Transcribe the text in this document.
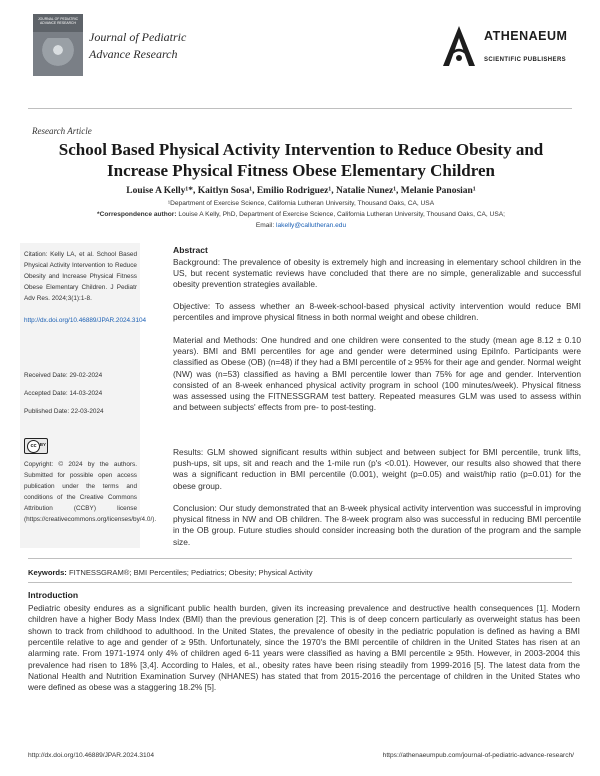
JOURNAL OF PEDIATRIC ADVANCE RESEARCH
Journal of Pediatric
Advance Research
ATHENAEUM
SCIENTIFIC PUBLISHERS
Research Article
School Based Physical Activity Intervention to Reduce Obesity and Increase Physical Fitness Obese Elementary Children
Louise A Kelly¹*, Kaitlyn Sosa¹, Emilio Rodriguez¹, Natalie Nunez¹, Melanie Panosian¹
¹Department of Exercise Science, California Lutheran University, Thousand Oaks, CA, USA
*Correspondence author: Louise A Kelly, PhD, Department of Exercise Science, California Lutheran University, Thousand Oaks, CA, USA;
Email: lakelly@callutheran.edu
Citation: Kelly LA, et al. School Based Physical Activity Intervention to Reduce Obesity and Increase Physical Fitness Obese Elementary Children. J Pediatr Adv Res. 2024;3(1):1-8.
http://dx.doi.org/10.46889/JPAR.2024.3104
Received Date: 29-02-2024
Accepted Date: 14-03-2024
Published Date: 22-03-2024
cc BY
Copyright: © 2024 by the authors. Submitted for possible open access publication under the terms and conditions of the Creative Commons Attribution (CCBY) license (https://creativecommons.org/licenses/by/4.0/).
Abstract
Background: The prevalence of obesity is extremely high and increasing in elementary school children in the US, but recent systematic reviews have concluded that there are no simple, generalizable and successful obesity prevention strategies available.
Objective: To assess whether an 8-week-school-based physical activity intervention would reduce BMI percentiles and improve physical fitness in both normal weight and obese children.
Material and Methods: One hundred and one children were consented to the study (mean age 8.12 ± 0.10 years). BMI and BMI percentiles for age and gender were determined using EpiInfo. Participants were classified as Obese (OB) (n=48) if they had a BMI percentile of ≥ 95% for their age and gender. Normal weight (NW) was (n=53) classified as having a BMI percentile lower than 75% for age and gender. Intervention consisted of an 8-week enhanced physical activity program in school (100 minutes/week). Physical fitness was assessed using the FITNESSGRAM test battery. Repeated measures GLM was used to assess within and between subjects' effects from pre- to post-testing.
Results: GLM showed significant results within subject and between subject for BMI percentile, trunk lifts, push-ups, sit ups, sit and reach and the 1-mile run (p's <0.01). However, our results also showed that there was a significant reduction in BMI percentile (0.001), weight (p=0.05) and waist/hip ratio (p=0.01) for the obese group.
Conclusion: Our study demonstrated that an 8-week physical activity intervention was successful in improving physical fitness in NW and OB children. The 8-week program also was successful in reducing BMI percentile in the OB group. Future studies should consider increasing both the duration of the program and the sample size.
Keywords: FITNESSGRAM®; BMI Percentiles; Pediatrics; Obesity; Physical Activity
Introduction
Pediatric obesity endures as a significant public health burden, given its increasing prevalence and destructive health consequences [1]. Modern children have a higher Body Mass Index (BMI) than the previous generation [2]. This is of deep concern particularly as overweight status has been shown to track from childhood to adulthood. In the United States, the prevalence of obesity in the pediatric population is defined as having a BMI percentile relative to age and gender of ≥ 95th. Unfortunately, since the 1970's the BMI percentile of children in the United States has risen at an alarming rate. From 1971-1974 only 4% of children aged 6-11 years were classified as having a BMI percentile ≥ 95th. However, in 2003-2004 this prevalence had risen to 18% [3,4]. According to Hales, et al., obesity rates have been rising steadily from 1999-2016 [5]. The latest data from the National Health and Nutrition Examination Survey (NHANES) has stated that from 2015-2016 the percentage of children in the United States who were defined as obese was a staggering 18.2% [5].
http://dx.doi.org/10.46889/JPAR.2024.3104	https://athenaeumpub.com/journal-of-pediatric-advance-research/
